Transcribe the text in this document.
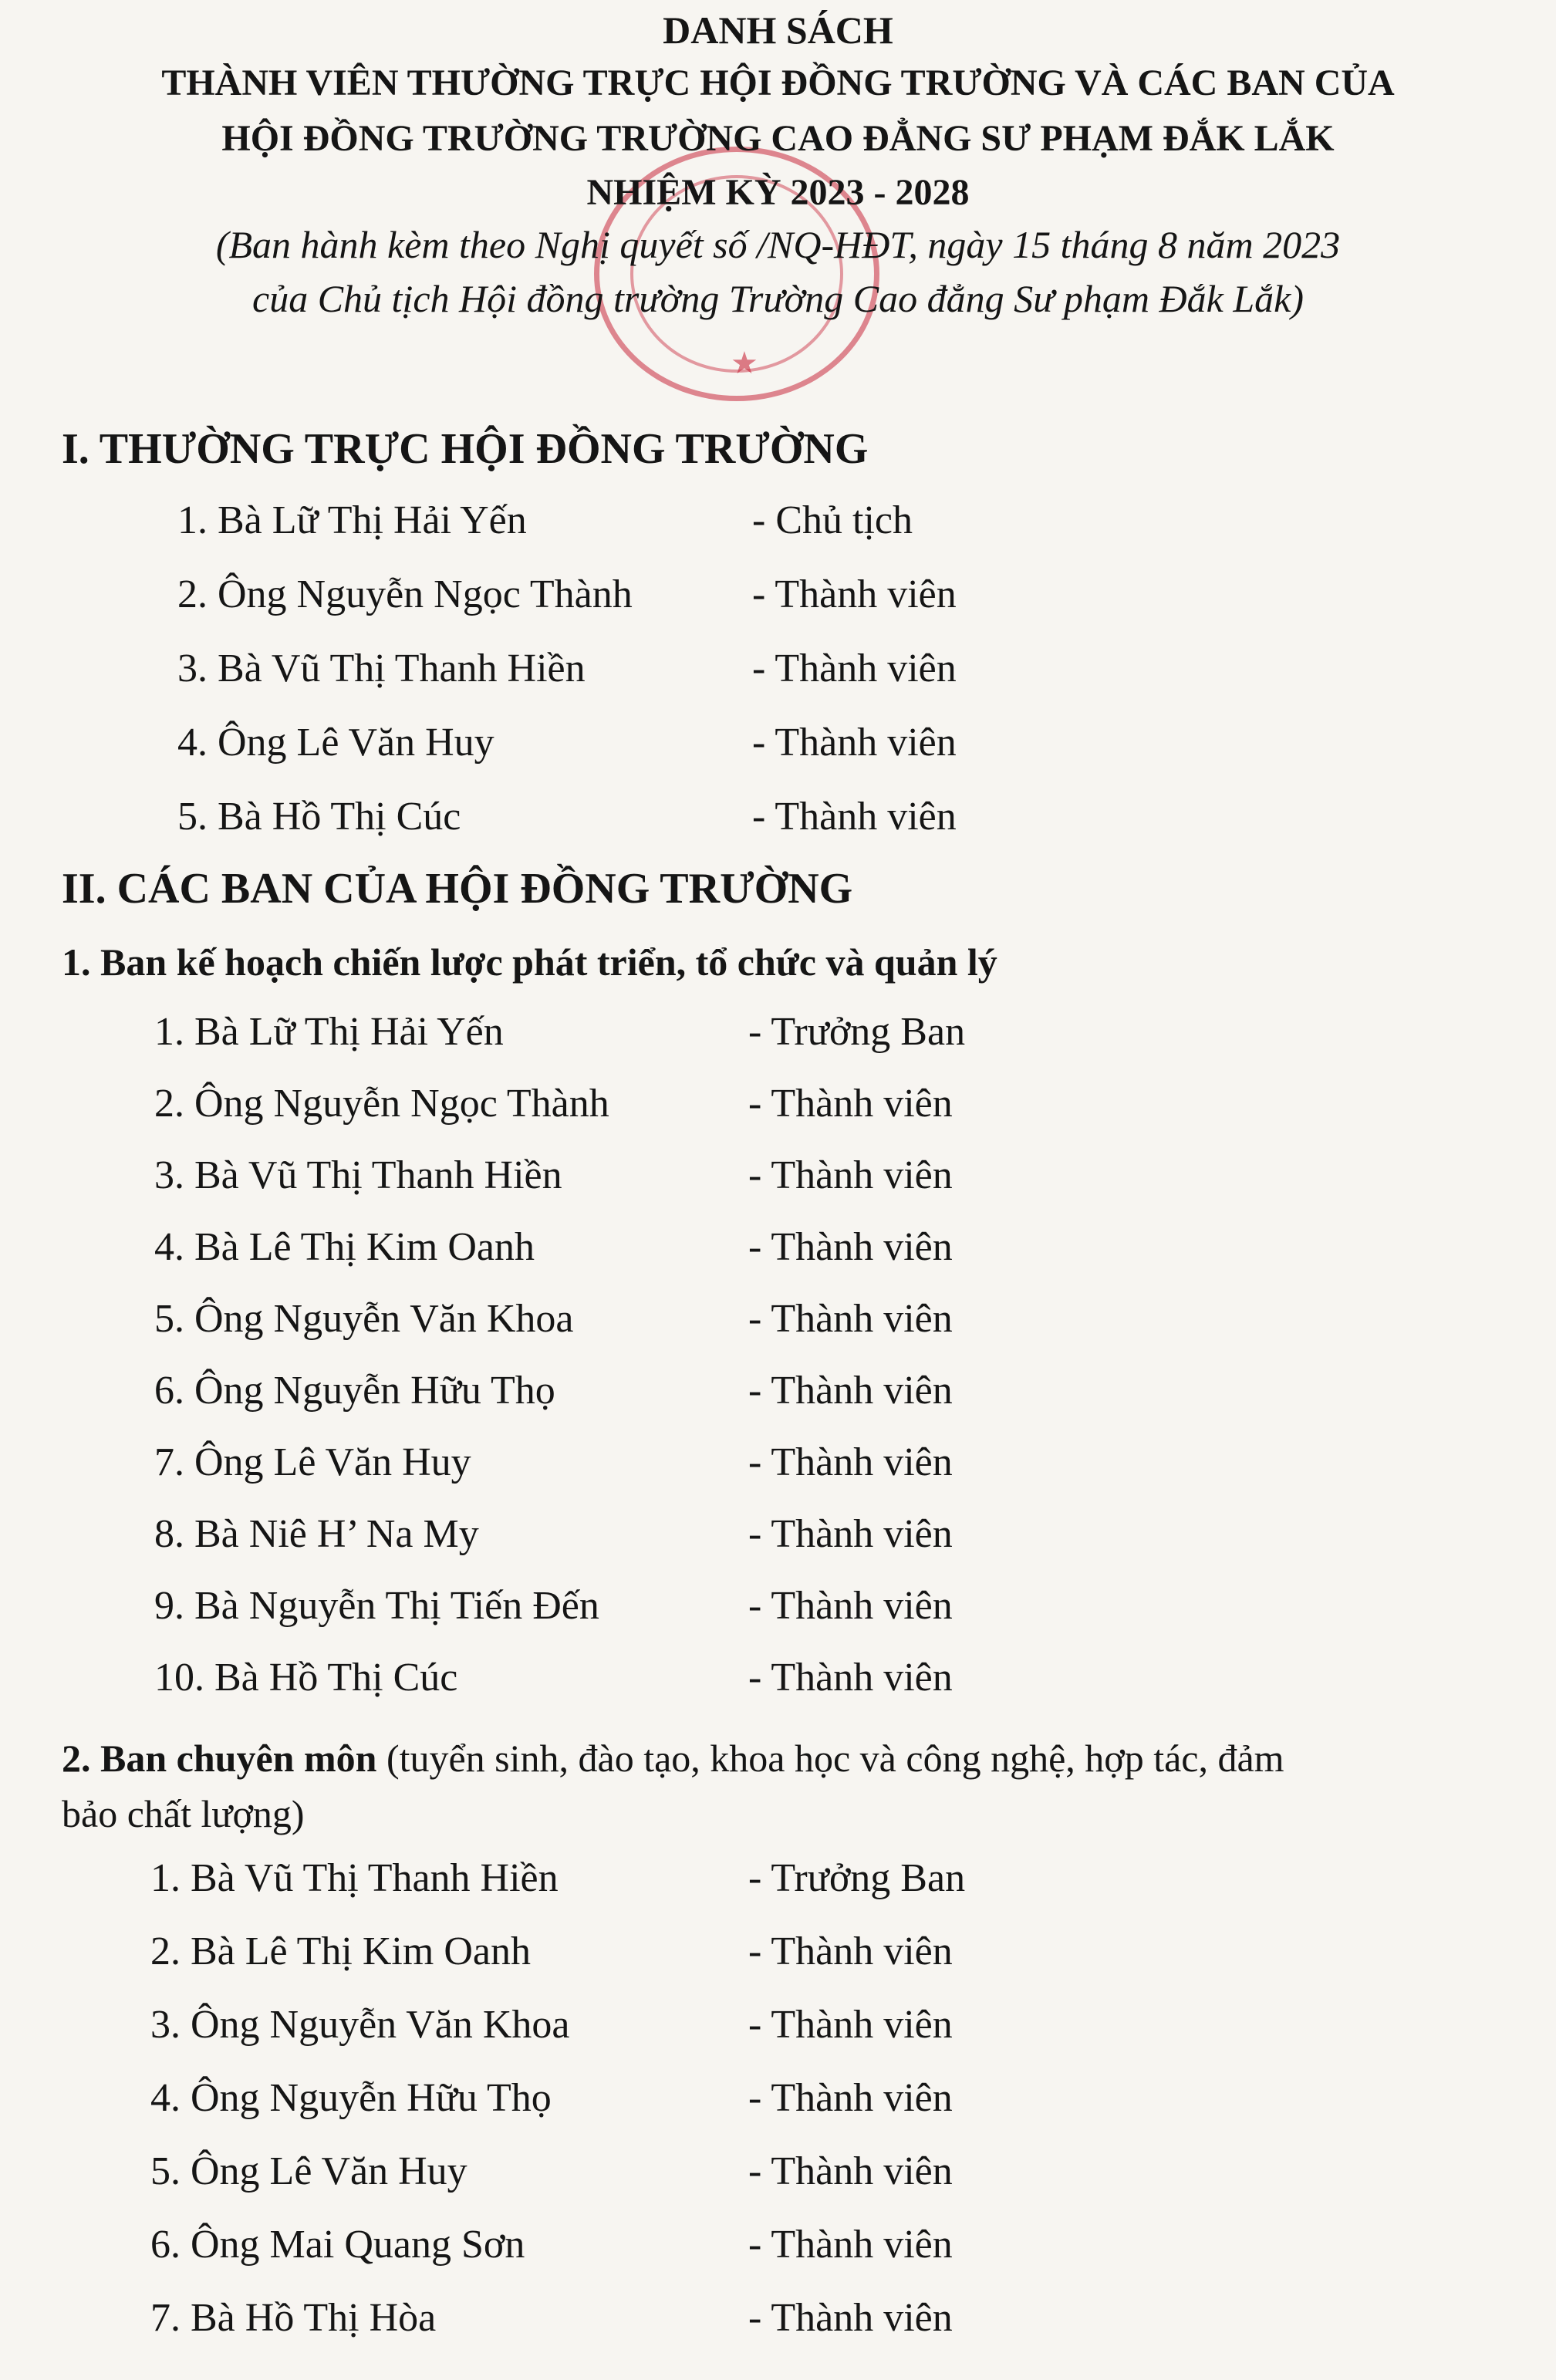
★
DANH SÁCH
THÀNH VIÊN THƯỜNG TRỰC HỘI ĐỒNG TRƯỜNG VÀ CÁC BAN CỦA
HỘI ĐỒNG TRƯỜNG TRƯỜNG CAO ĐẲNG SƯ PHẠM ĐẮK LẮK
NHIỆM KỲ 2023 - 2028
(Ban hành kèm theo Nghị quyết số /NQ-HĐT, ngày 15 tháng 8 năm 2023
của Chủ tịch Hội đồng trường Trường Cao đẳng Sư phạm Đắk Lắk)
I. THƯỜNG TRỰC HỘI ĐỒNG TRƯỜNG
1. Bà Lữ Thị Hải Yến	- Chủ tịch
2. Ông Nguyễn Ngọc Thành	- Thành viên
3. Bà Vũ Thị Thanh Hiền	- Thành viên
4. Ông Lê Văn Huy	- Thành viên
5. Bà Hồ Thị Cúc	- Thành viên
II. CÁC BAN CỦA HỘI ĐỒNG TRƯỜNG
1. Ban kế hoạch chiến lược phát triển, tổ chức và quản lý
1. Bà Lữ Thị Hải Yến	- Trưởng Ban
2. Ông Nguyễn Ngọc Thành	- Thành viên
3. Bà Vũ Thị Thanh Hiền	- Thành viên
4. Bà Lê Thị Kim Oanh	- Thành viên
5. Ông Nguyễn Văn Khoa	- Thành viên
6. Ông Nguyễn Hữu Thọ	- Thành viên
7. Ông Lê Văn Huy	- Thành viên
8. Bà Niê H’ Na My	- Thành viên
9. Bà Nguyễn Thị Tiến Đến	- Thành viên
10. Bà Hồ Thị Cúc	- Thành viên
2. Ban chuyên môn (tuyển sinh, đào tạo, khoa học và công nghệ, hợp tác, đảm
bảo chất lượng)
1. Bà Vũ Thị Thanh Hiền	- Trưởng Ban
2. Bà Lê Thị Kim Oanh	- Thành viên
3. Ông Nguyễn Văn Khoa	- Thành viên
4. Ông Nguyễn Hữu Thọ	- Thành viên
5. Ông Lê Văn Huy	- Thành viên
6. Ông Mai Quang Sơn	- Thành viên
7. Bà Hồ Thị Hòa	- Thành viên
